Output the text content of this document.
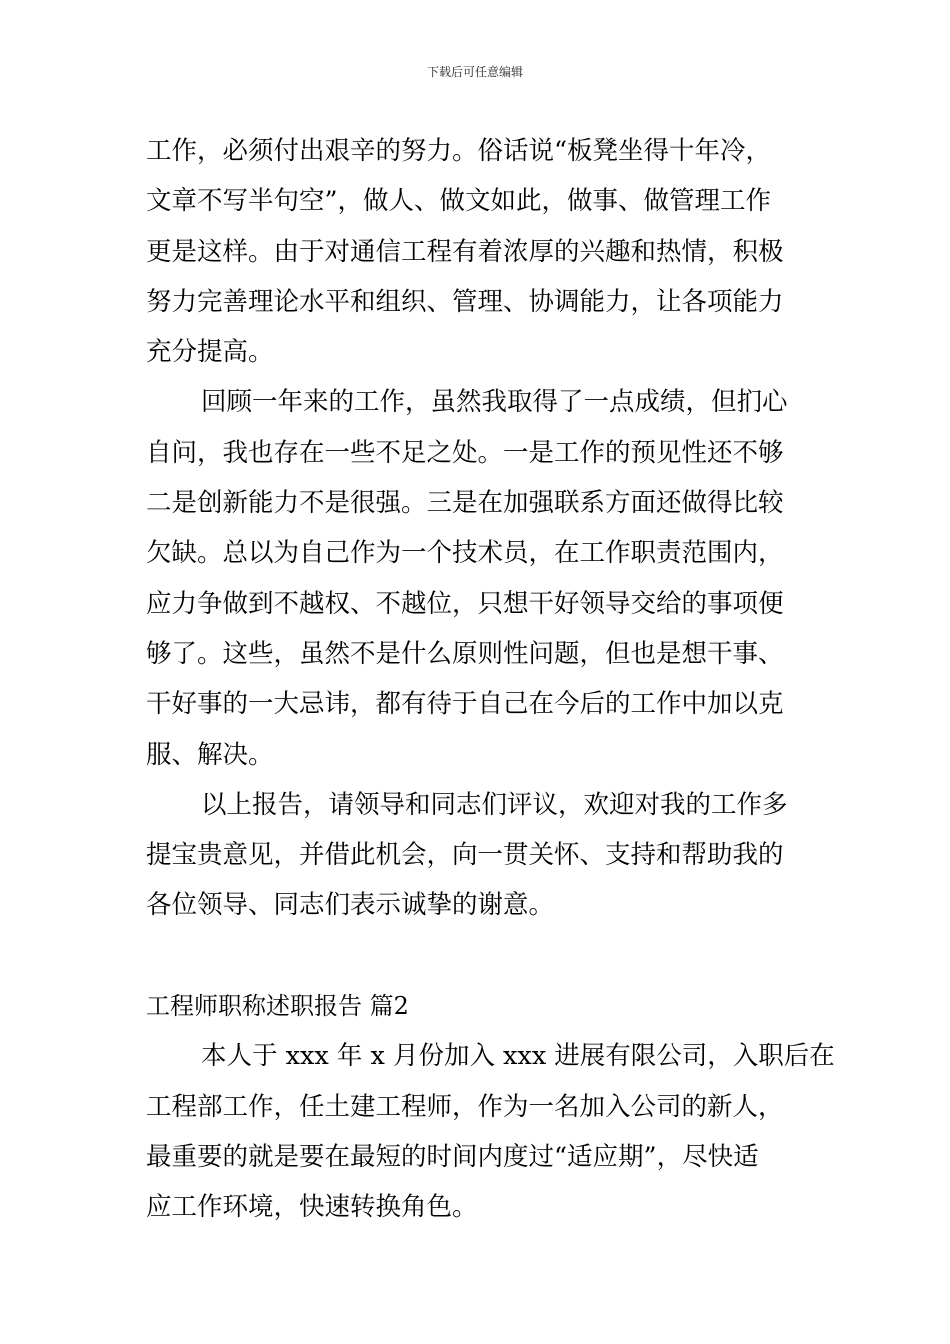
下载后可任意编辑
工作，必须付出艰辛的努力。俗话说“板凳坐得十年冷，
文章不写半句空”，做人、做文如此，做事、做管理工作
更是这样。由于对通信工程有着浓厚的兴趣和热情，积极
努力完善理论水平和组织、管理、协调能力，让各项能力
充分提高。
回顾一年来的工作，虽然我取得了一点成绩，但扪心
自问，我也存在一些不足之处。一是工作的预见性还不够
二是创新能力不是很强。三是在加强联系方面还做得比较
欠缺。总以为自己作为一个技术员，在工作职责范围内，
应力争做到不越权、不越位，只想干好领导交给的事项便
够了。这些，虽然不是什么原则性问题，但也是想干事、
干好事的一大忌讳，都有待于自己在今后的工作中加以克
服、解决。
以上报告，请领导和同志们评议，欢迎对我的工作多
提宝贵意见，并借此机会，向一贯关怀、支持和帮助我的
各位领导、同志们表示诚挚的谢意。
工程师职称述职报告 篇2
本人于 xxx 年 x 月份加入 xxx 进展有限公司，入职后在
工程部工作，任土建工程师，作为一名加入公司的新人，
最重要的就是要在最短的时间内度过“适应期”，尽快适
应工作环境，快速转换角色。
